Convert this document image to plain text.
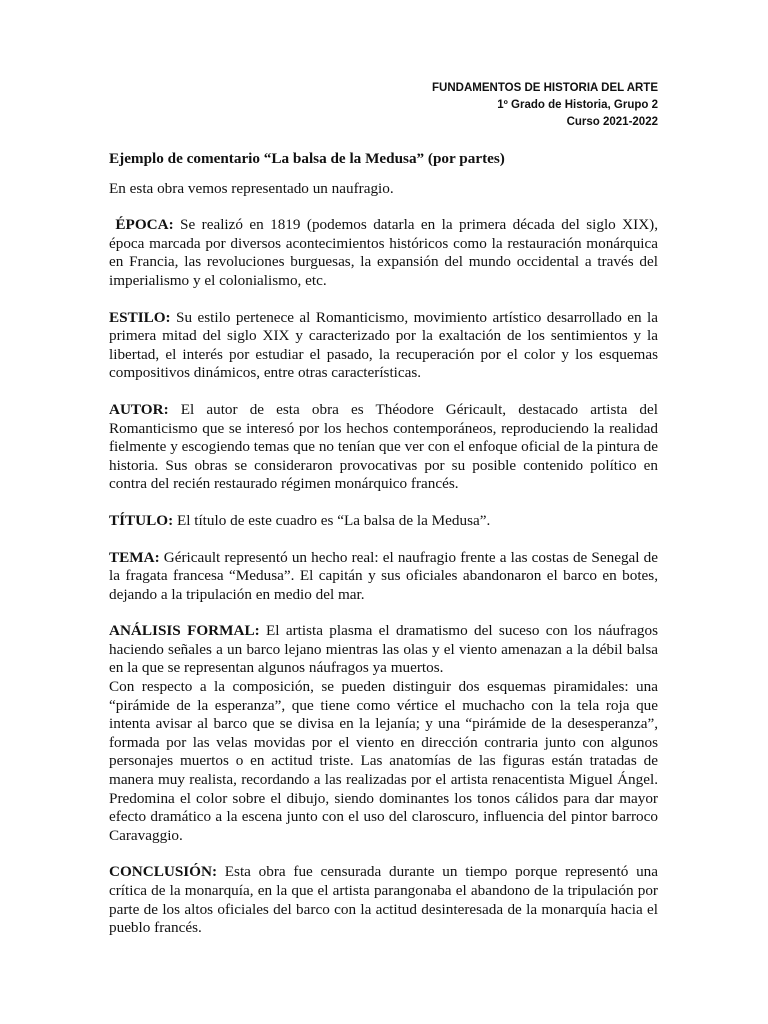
FUNDAMENTOS DE HISTORIA DEL ARTE
1º Grado de Historia, Grupo 2
Curso 2021-2022

Ejemplo de comentario “La balsa de la Medusa” (por partes)

En esta obra vemos representado un naufragio.

ÉPOCA: Se realizó en 1819 (podemos datarla en la primera década del siglo XIX), época marcada por diversos acontecimientos históricos como la restauración monárquica en Francia, las revoluciones burguesas, la expansión del mundo occidental a través del imperialismo y el colonialismo, etc.

ESTILO: Su estilo pertenece al Romanticismo, movimiento artístico desarrollado en la primera mitad del siglo XIX y caracterizado por la exaltación de los sentimientos y la libertad, el interés por estudiar el pasado, la recuperación por el color y los esquemas compositivos dinámicos, entre otras características.

AUTOR: El autor de esta obra es Théodore Géricault, destacado artista del Romanticismo que se interesó por los hechos contemporáneos, reproduciendo la realidad fielmente y escogiendo temas que no tenían que ver con el enfoque oficial de la pintura de historia. Sus obras se consideraron provocativas por su posible contenido político en contra del recién restaurado régimen monárquico francés.

TÍTULO: El título de este cuadro es “La balsa de la Medusa”.

TEMA: Géricault representó un hecho real: el naufragio frente a las costas de Senegal de la fragata francesa “Medusa”. El capitán y sus oficiales abandonaron el barco en botes, dejando a la tripulación en medio del mar.

ANÁLISIS FORMAL: El artista plasma el dramatismo del suceso con los náufragos haciendo señales a un barco lejano mientras las olas y el viento amenazan a la débil balsa en la que se representan algunos náufragos ya muertos.

Con respecto a la composición, se pueden distinguir dos esquemas piramidales: una “pirámide de la esperanza”, que tiene como vértice el muchacho con la tela roja que intenta avisar al barco que se divisa en la lejanía; y una “pirámide de la desesperanza”, formada por las velas movidas por el viento en dirección contraria junto con algunos personajes muertos o en actitud triste. Las anatomías de las figuras están tratadas de manera muy realista, recordando a las realizadas por el artista renacentista Miguel Ángel. Predomina el color sobre el dibujo, siendo dominantes los tonos cálidos para dar mayor efecto dramático a la escena junto con el uso del claroscuro, influencia del pintor barroco Caravaggio.

CONCLUSIÓN: Esta obra fue censurada durante un tiempo porque representó una crítica de la monarquía, en la que el artista parangonaba el abandono de la tripulación por parte de los altos oficiales del barco con la actitud desinteresada de la monarquía hacia el pueblo francés.
